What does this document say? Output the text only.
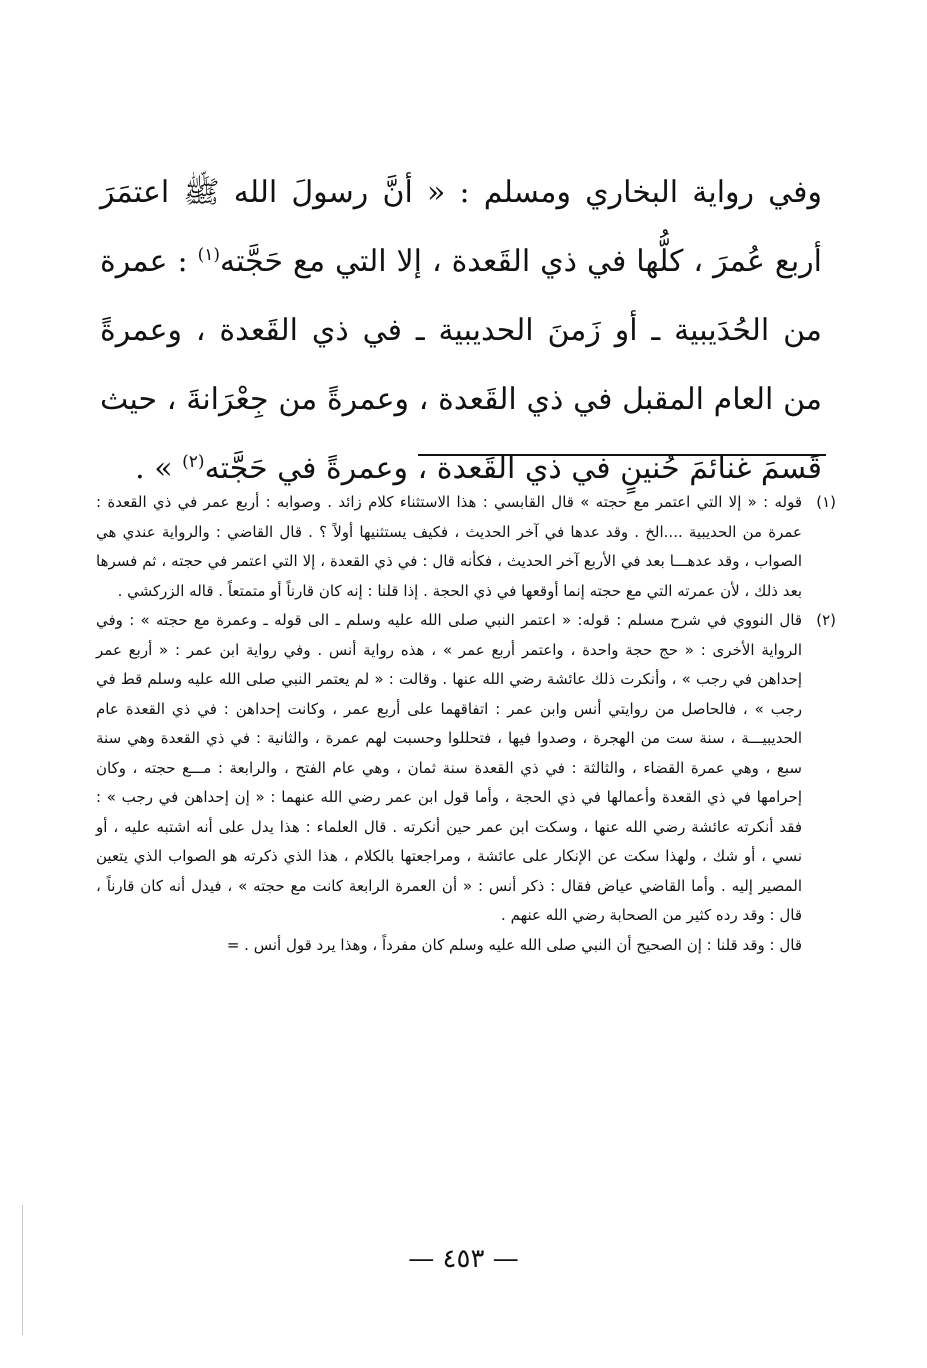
وفي رواية البخاري ومسلم : « أنَّ رسولَ الله ﷺ اعتمَرَ أربع عُمرَ ، كلُّها في ذي القَعدة ، إلا التي مع حَجَّته$^{(١)}$ : عمرة من الحُدَيبية ـ أو زَمنَ الحديبية ـ في ذي القَعدة ، وعمرةً من العام المقبل في ذي القَعدة ، وعمرةً من جِعْرَانةَ ، حيث قَسمَ غنائمَ حُنينٍ في ذي القَعدة ، وعمرةً في حَجَّته$^{(٢)}$ » .

(١)

قوله : « إلا التي اعتمر مع حجته » قال القابسي : هذا الاستثناء كلام زائد . وصوابه : أربع عمر في ذي القعدة : عمرة من الحديبية ....الخ . وقد عدها في آخر الحديث ، فكيف يستثنيها أولاً ؟ . قال القاضي : والرواية عندي هي الصواب ، وقد عدهـــا بعد في الأربع آخر الحديث ، فكأنه قال : في ذي القعدة ، إلا التي اعتمر في حجته ، ثم فسرها بعد ذلك ، لأن عمرته التي مع حجته إنما أوقعها في ذي الحجة . إذا قلنا : إنه كان قارناً أو متمتعاً . قاله الزركشي .

(٢)

قال النووي في شرح مسلم : قوله: « اعتمر النبي صلى الله عليه وسلم ـ الى قوله ـ وعمرة مع حجته » : وفي الرواية الأخرى : « حج حجة واحدة ، واعتمر أربع عمر » ، هذه رواية أنس . وفي رواية ابن عمر : « أربع عمر إحداهن في رجب » ، وأنكرت ذلك عائشة رضي الله عنها . وقالت : « لم يعتمر النبي صلى الله عليه وسلم قط في رجب » ، فالحاصل من روايتي أنس وابن عمر : اتفاقهما على أربع عمر ، وكانت إحداهن : في ذي القعدة عام الحديبيـــة ، سنة ست من الهجرة ، وصدوا فيها ، فتحللوا وحسبت لهم عمرة ، والثانية : في ذي القعدة وهي سنة سبع ، وهي عمرة القضاء ، والثالثة : في ذي القعدة سنة ثمان ، وهي عام الفتح ، والرابعة : مـــع حجته ، وكان إحرامها في ذي القعدة وأعمالها في ذي الحجة ، وأما قول ابن عمر رضي الله عنهما : « إن إحداهن في رجب » : فقد أنكرته عائشة رضي الله عنها ، وسكت ابن عمر حين أنكرته . قال العلماء : هذا يدل على أنه اشتبه عليه ، أو نسي ، أو شك ، ولهذا سكت عن الإنكار على عائشة ، ومراجعتها بالكلام ، هذا الذي ذكرته هو الصواب الذي يتعين المصير إليه . وأما القاضي عياض فقال : ذكر أنس : « أن العمرة الرابعة كانت مع حجته » ، فيدل أنه كان قارناً ، قال : وقد رده كثير من الصحابة رضي الله عنهم .

قال : وقد قلنا : إن الصحيح أن النبي صلى الله عليه وسلم كان مفرداً ، وهذا يرد قول أنس . =

— ٤٥٣ —
